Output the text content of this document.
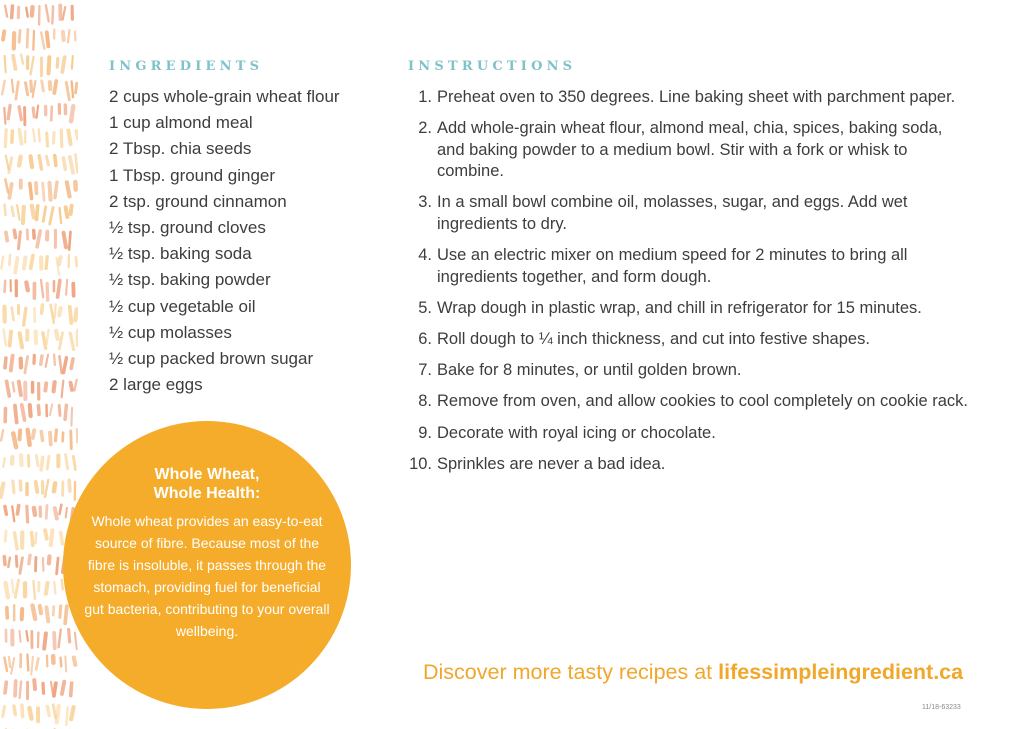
INGREDIENTS
2 cups whole-grain wheat flour
1 cup almond meal
2 Tbsp. chia seeds
1 Tbsp. ground ginger
2 tsp. ground cinnamon
½ tsp. ground cloves
½ tsp. baking soda
½ tsp. baking powder
½ cup vegetable oil
½ cup molasses
½ cup packed brown sugar
2 large eggs
INSTRUCTIONS
1. Preheat oven to 350 degrees. Line baking sheet with parchment paper.
2. Add whole-grain wheat flour, almond meal, chia, spices, baking soda, and baking powder to a medium bowl. Stir with a fork or whisk to combine.
3. In a small bowl combine oil, molasses, sugar, and eggs. Add wet ingredients to dry.
4. Use an electric mixer on medium speed for 2 minutes to bring all ingredients together, and form dough.
5. Wrap dough in plastic wrap, and chill in refrigerator for 15 minutes.
6. Roll dough to ¼ inch thickness, and cut into festive shapes.
7. Bake for 8 minutes, or until golden brown.
8. Remove from oven, and allow cookies to cool completely on cookie rack.
9. Decorate with royal icing or chocolate.
10. Sprinkles are never a bad idea.
Whole Wheat,
Whole Health:
Whole wheat provides an easy-to-eat source of fibre. Because most of the fibre is insoluble, it passes through the stomach, providing fuel for beneficial gut bacteria, contributing to your overall wellbeing.
Discover more tasty recipes at lifessimpleingredient.ca
11/18-63233
